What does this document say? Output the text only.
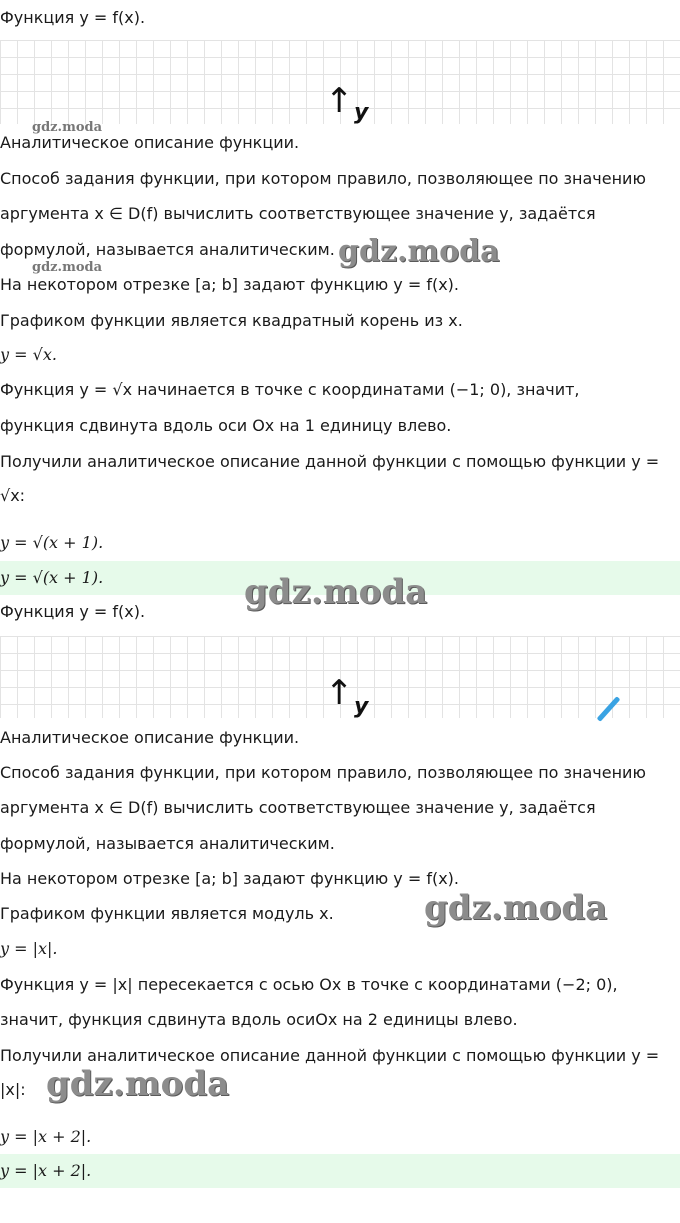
Функция y = f(x).
↑ y
gdz.moda
Аналитическое описание функции.
Способ задания функции, при котором правило, позволяющее по значению
аргумента x ∈ D(f) вычислить соответствующее значение y, задаётся
формулой, называется аналитическим. gdz.moda
gdz.moda
На некотором отрезке [a; b] задают функцию y = f(x).
Графиком функции является квадратный корень из x.
y = √x.
Функция y = √x начинается в точке с координатами (−1; 0), значит,
функция сдвинута вдоль оси Ox на 1 единицу влево.
Получили аналитическое описание данной функции с помощью функции y =
√x:
y = √(x + 1).
y = √(x + 1).	gdz.moda
Функция y = f(x).
↑ y
Аналитическое описание функции.
Способ задания функции, при котором правило, позволяющее по значению
аргумента x ∈ D(f) вычислить соответствующее значение y, задаётся
формулой, называется аналитическим.
На некотором отрезке [a; b] задают функцию y = f(x).
gdz.moda
Графиком функции является модуль x.
y = |x|.
Функция y = |x| пересекается с осью Ox в точке с координатами (−2; 0),
значит, функция сдвинута вдоль осиOx на 2 единицы влево.
Получили аналитическое описание данной функции с помощью функции y =
|x|: gdz.moda
y = |x + 2|.
y = |x + 2|.
